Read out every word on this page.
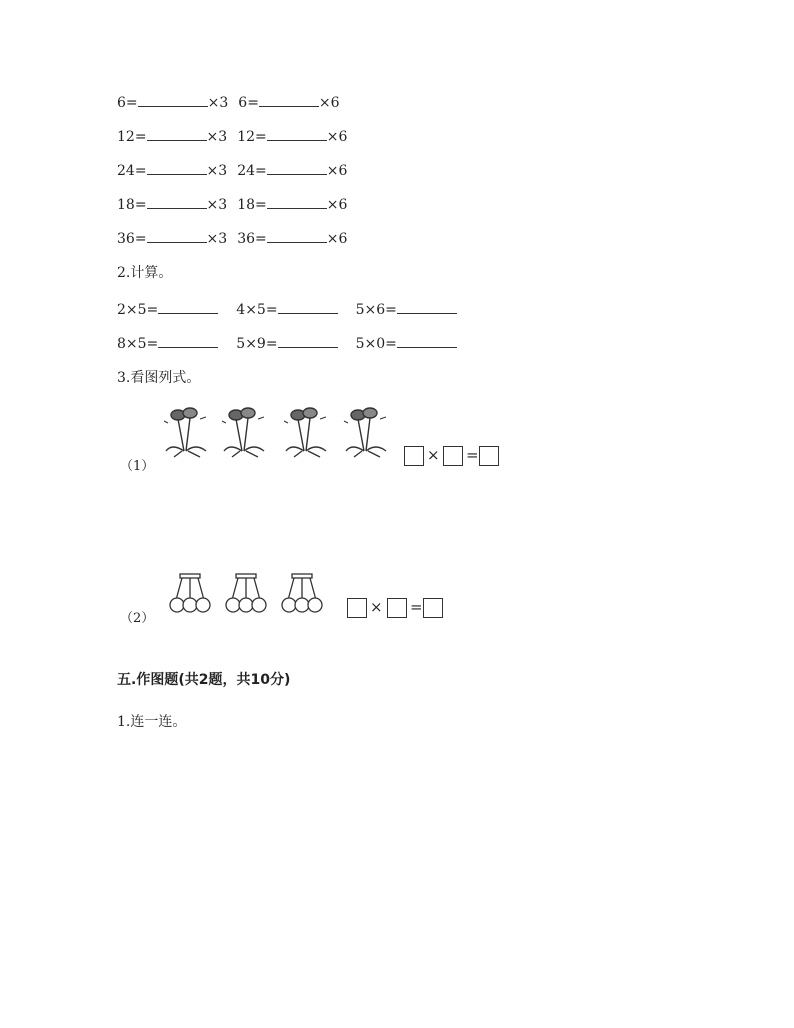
6=	×3 6=	×6
12=	×3 12=	×6
24=	×3 24=	×6
18=	×3 18=	×6
36=	×3 36=	×6
2.计算。
2×5=	4×5=	5×6=
8×5=	5×9=	5×0=
3.看图列式。
（1）
× =
（2）
× =
五.作图题(共2题，共10分)
1.连一连。
